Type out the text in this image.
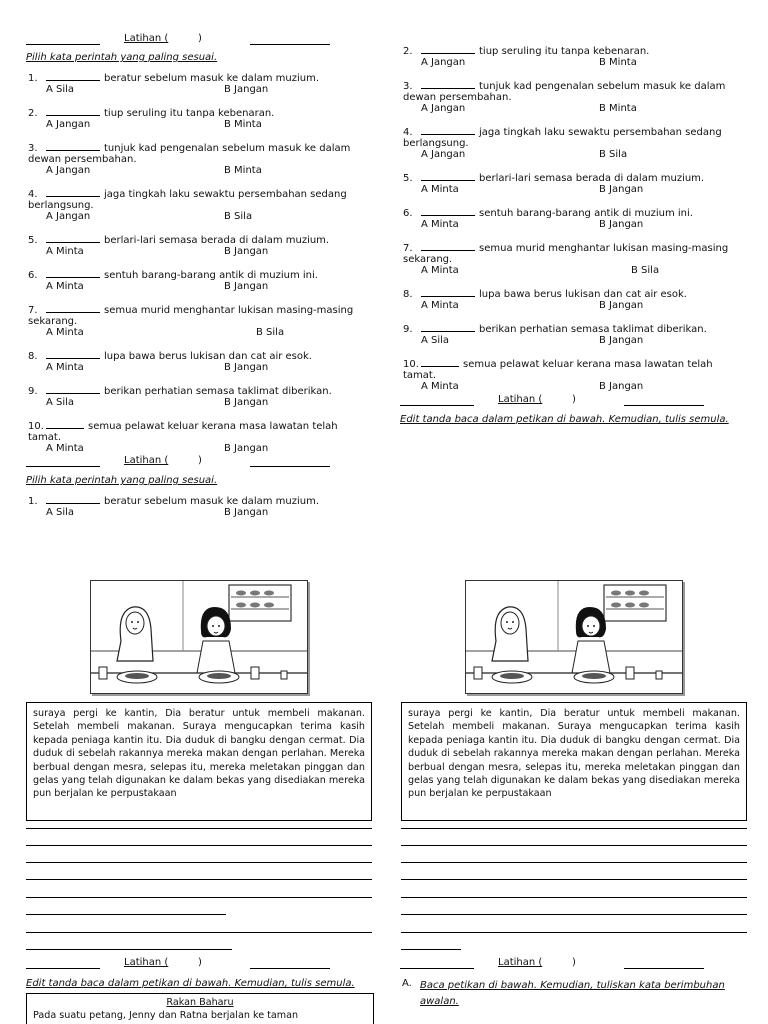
Latihan (	)
Pilih kata perintah yang paling sesuai.
1.	beratur sebelum masuk ke dalam muzium.
A Sila	B Jangan
2.	tiup seruling itu tanpa kebenaran.
A Jangan	B Minta
3.	tunjuk kad pengenalan sebelum masuk ke dalam
dewan persembahan.
A Jangan	B Minta
4.	jaga tingkah laku sewaktu persembahan sedang
berlangsung.
A Jangan	B Sila
5.	berlari-lari semasa berada di dalam muzium.
A Minta	B Jangan
6.	sentuh barang-barang antik di muzium ini.
A Minta	B Jangan
7.	semua murid menghantar lukisan masing-masing
sekarang.
A Minta	B Sila
8.	lupa bawa berus lukisan dan cat air esok.
A Minta	B Jangan
9.	berikan perhatian semasa taklimat diberikan.
A Sila	B Jangan
10.	semua pelawat keluar kerana masa lawatan telah
tamat.
A Minta	B Jangan
Latihan (	)
Pilih kata perintah yang paling sesuai.
1.	beratur sebelum masuk ke dalam muzium.
A Sila	B Jangan
suraya pergi ke kantin, Dia beratur untuk membeli makanan. Setelah membeli makanan. Suraya mengucapkan terima kasih kepada peniaga kantin itu. Dia duduk di bangku dengan cermat. Dia duduk di sebelah rakannya mereka makan dengan perlahan. Mereka berbual dengan mesra, selepas itu, mereka meletakan pinggan dan gelas yang telah digunakan ke dalam bekas yang disediakan mereka pun berjalan ke perpustakaan
Latihan (	)
Edit tanda baca dalam petikan di bawah. Kemudian, tulis semula.
Rakan Baharu
Pada suatu petang, Jenny dan Ratna berjalan ke taman
2.	tiup seruling itu tanpa kebenaran.
A Jangan	B Minta
3.	tunjuk kad pengenalan sebelum masuk ke dalam
dewan persembahan.
A Jangan	B Minta
4.	jaga tingkah laku sewaktu persembahan sedang
berlangsung.
A Jangan	B Sila
5.	berlari-lari semasa berada di dalam muzium.
A Minta	B Jangan
6.	sentuh barang-barang antik di muzium ini.
A Minta	B Jangan
7.	semua murid menghantar lukisan masing-masing
sekarang.
A Minta	B Sila
8.	lupa bawa berus lukisan dan cat air esok.
A Minta	B Jangan
9.	berikan perhatian semasa taklimat diberikan.
A Sila	B Jangan
10.	semua pelawat keluar kerana masa lawatan telah
tamat.
A Minta	B Jangan
Latihan (	)
Edit tanda baca dalam petikan di bawah. Kemudian, tulis semula.
suraya pergi ke kantin, Dia beratur untuk membeli makanan. Setelah membeli makanan. Suraya mengucapkan terima kasih kepada peniaga kantin itu. Dia duduk di bangku dengan cermat. Dia duduk di sebelah rakannya mereka makan dengan perlahan. Mereka berbual dengan mesra, selepas itu, mereka meletakan pinggan dan gelas yang telah digunakan ke dalam bekas yang disediakan mereka pun berjalan ke perpustakaan
Latihan (	)
A. Baca petikan di bawah. Kemudian, tuliskan kata berimbuhan awalan.
